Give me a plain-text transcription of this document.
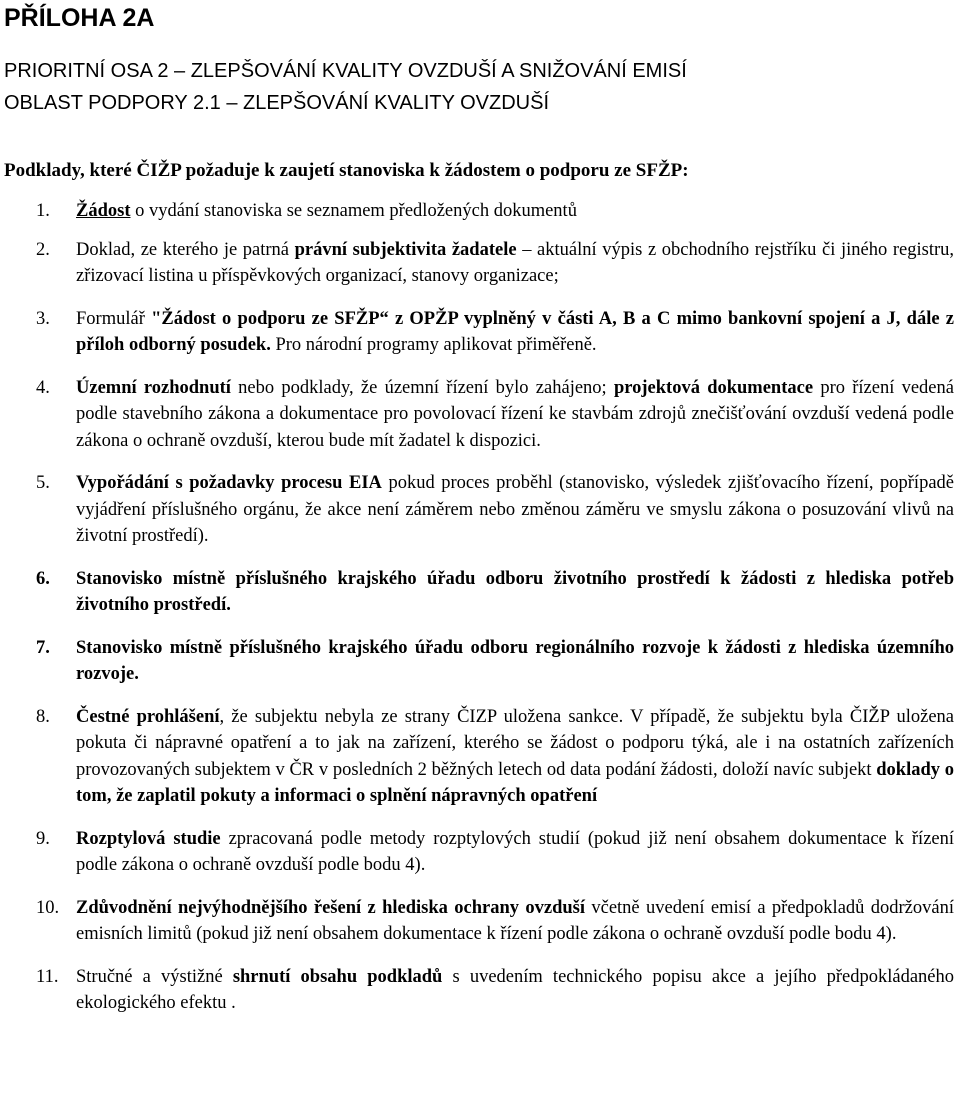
PŘÍLOHA 2A

PRIORITNÍ OSA 2 – ZLEPŠOVÁNÍ KVALITY OVZDUŠÍ A SNIŽOVÁNÍ EMISÍ

OBLAST PODPORY 2.1 – ZLEPŠOVÁNÍ KVALITY OVZDUŠÍ

Podklady, které ČIŽP požaduje k zaujetí stanoviska k žádostem o podporu ze SFŽP:

1.	Žádost o vydání stanoviska se seznamem předložených dokumentů

2.	Doklad, ze kterého je patrná právní subjektivita žadatele – aktuální výpis z obchodního rejstříku či jiného registru, zřizovací listina u příspěvkových organizací, stanovy organizace;

3.	Formulář "Žádost o podporu ze SFŽP“ z OPŽP vyplněný v části A, B a C mimo bankovní spojení a J, dále z příloh odborný posudek. Pro národní programy aplikovat přiměřeně.

4.	Územní rozhodnutí nebo podklady, že územní řízení bylo zahájeno; projektová dokumentace pro řízení vedená podle stavebního zákona a dokumentace pro povolovací řízení ke stavbám zdrojů znečišťování ovzduší vedená podle zákona o ochraně ovzduší, kterou bude mít žadatel k dispozici.

5.	Vypořádání s požadavky procesu EIA pokud proces proběhl (stanovisko, výsledek zjišťovacího řízení, popřípadě vyjádření příslušného orgánu, že akce není záměrem nebo změnou záměru ve smyslu zákona o posuzování vlivů na životní prostředí).

6.	Stanovisko místně příslušného krajského úřadu odboru životního prostředí k žádosti z hlediska potřeb životního prostředí.

7.	Stanovisko místně příslušného krajského úřadu odboru regionálního rozvoje k žádosti z hlediska územního rozvoje.

8.	Čestné prohlášení, že subjektu nebyla ze strany ČIZP uložena sankce. V případě, že subjektu byla ČIŽP uložena pokuta či nápravné opatření a to jak na zařízení, kterého se žádost o podporu týká, ale i na ostatních zařízeních provozovaných subjektem v ČR v posledních 2 běžných letech od data podání žádosti, doloží navíc subjekt doklady o tom, že zaplatil pokuty a informaci o splnění nápravných opatření

9.	Rozptylová studie zpracovaná podle metody rozptylových studií (pokud již není obsahem dokumentace k řízení podle zákona o ochraně ovzduší podle bodu 4).

10. Zdůvodnění nejvýhodnějšího řešení z hlediska ochrany ovzduší včetně uvedení emisí a předpokladů dodržování emisních limitů (pokud již není obsahem dokumentace k řízení podle zákona o ochraně ovzduší podle bodu 4).

11. Stručné a výstižné shrnutí obsahu podkladů s uvedením technického popisu akce a jejího předpokládaného ekologického efektu .
